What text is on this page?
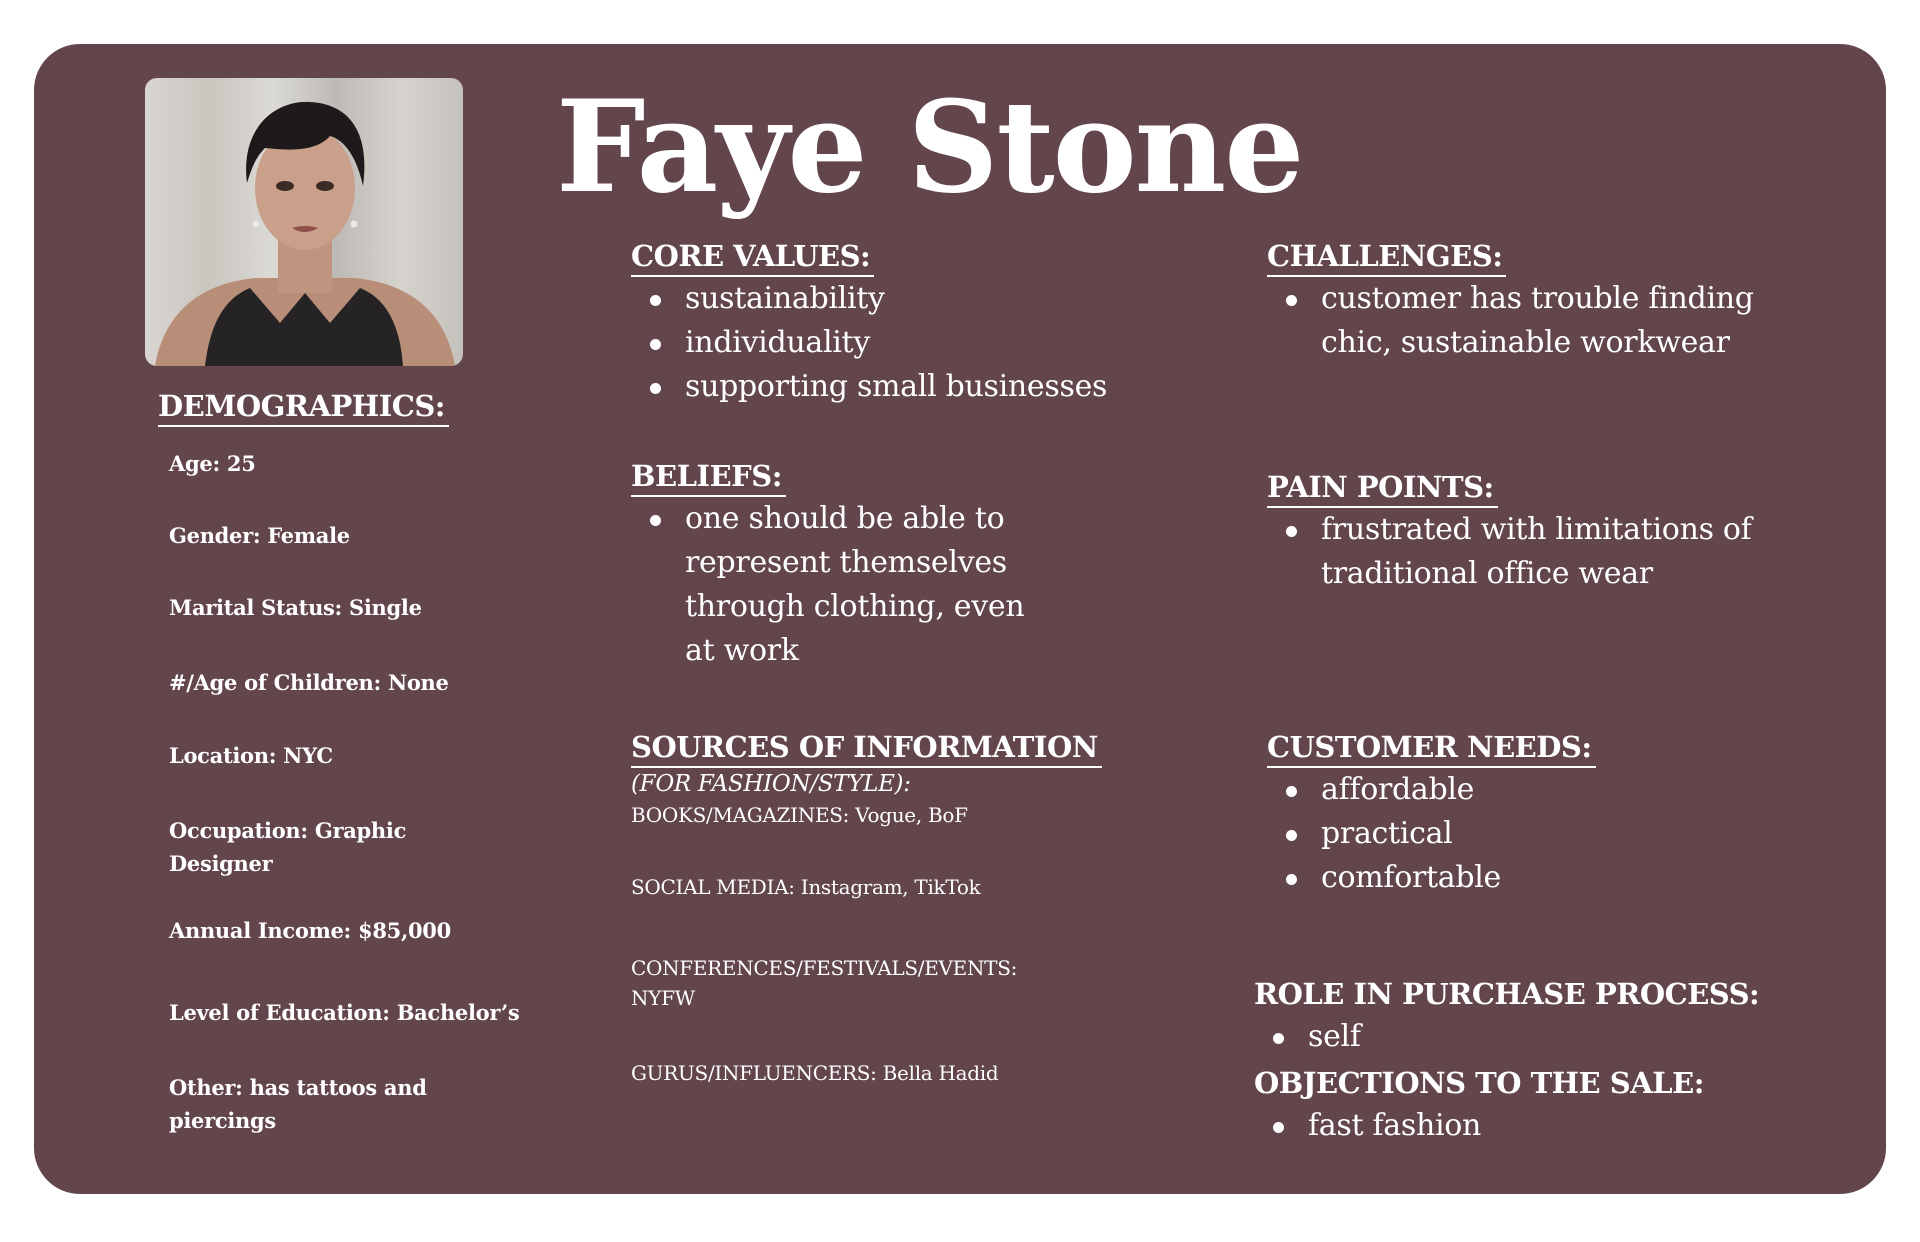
Faye Stone
DEMOGRAPHICS:
Age: 25
Gender: Female
Marital Status: Single
#/Age of Children: None
Location: NYC
Occupation: Graphic Designer
Annual Income: $85,000
Level of Education: Bachelor’s
Other: has tattoos and piercings
CORE VALUES:
sustainability
individuality
supporting small businesses
BELIEFS:
one should be able to represent themselves through clothing, even at work
SOURCES OF INFORMATION
(FOR FASHION/STYLE):
BOOKS/MAGAZINES: Vogue, BoF
SOCIAL MEDIA: Instagram, TikTok
CONFERENCES/FESTIVALS/EVENTS: NYFW
GURUS/INFLUENCERS: Bella Hadid
CHALLENGES:
customer has trouble finding chic, sustainable workwear
PAIN POINTS:
frustrated with limitations of traditional office wear
CUSTOMER NEEDS:
affordable
practical
comfortable
ROLE IN PURCHASE PROCESS:
self
OBJECTIONS TO THE SALE:
fast fashion
